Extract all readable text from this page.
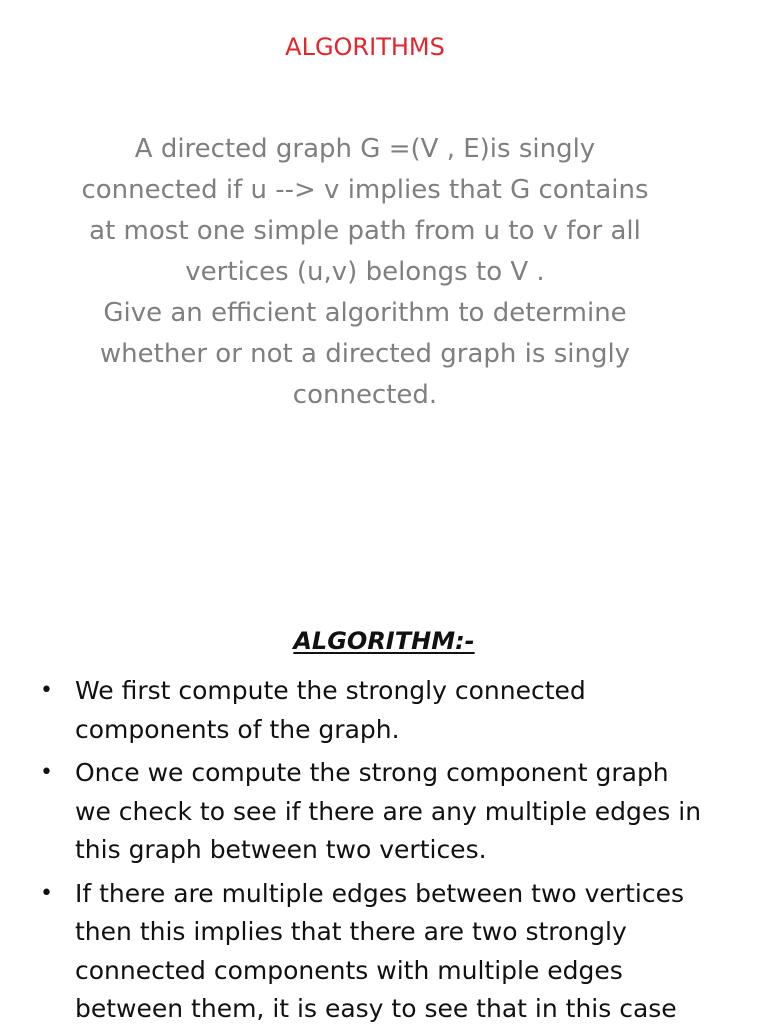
ALGORITHMS
A directed graph G =(V , E)is singly
connected if u --> v implies that G contains
at most one simple path from u to v for all
vertices (u,v) belongs to V .
Give an efficient algorithm to determine
whether or not a directed graph is singly
connected.
ALGORITHM:-
• We first compute the strongly connected
components of the graph.
• Once we compute the strong component graph
we check to see if there are any multiple edges in
this graph between two vertices.
• If there are multiple edges between two vertices
then this implies that there are two strongly
connected components with multiple edges
between them, it is easy to see that in this case
